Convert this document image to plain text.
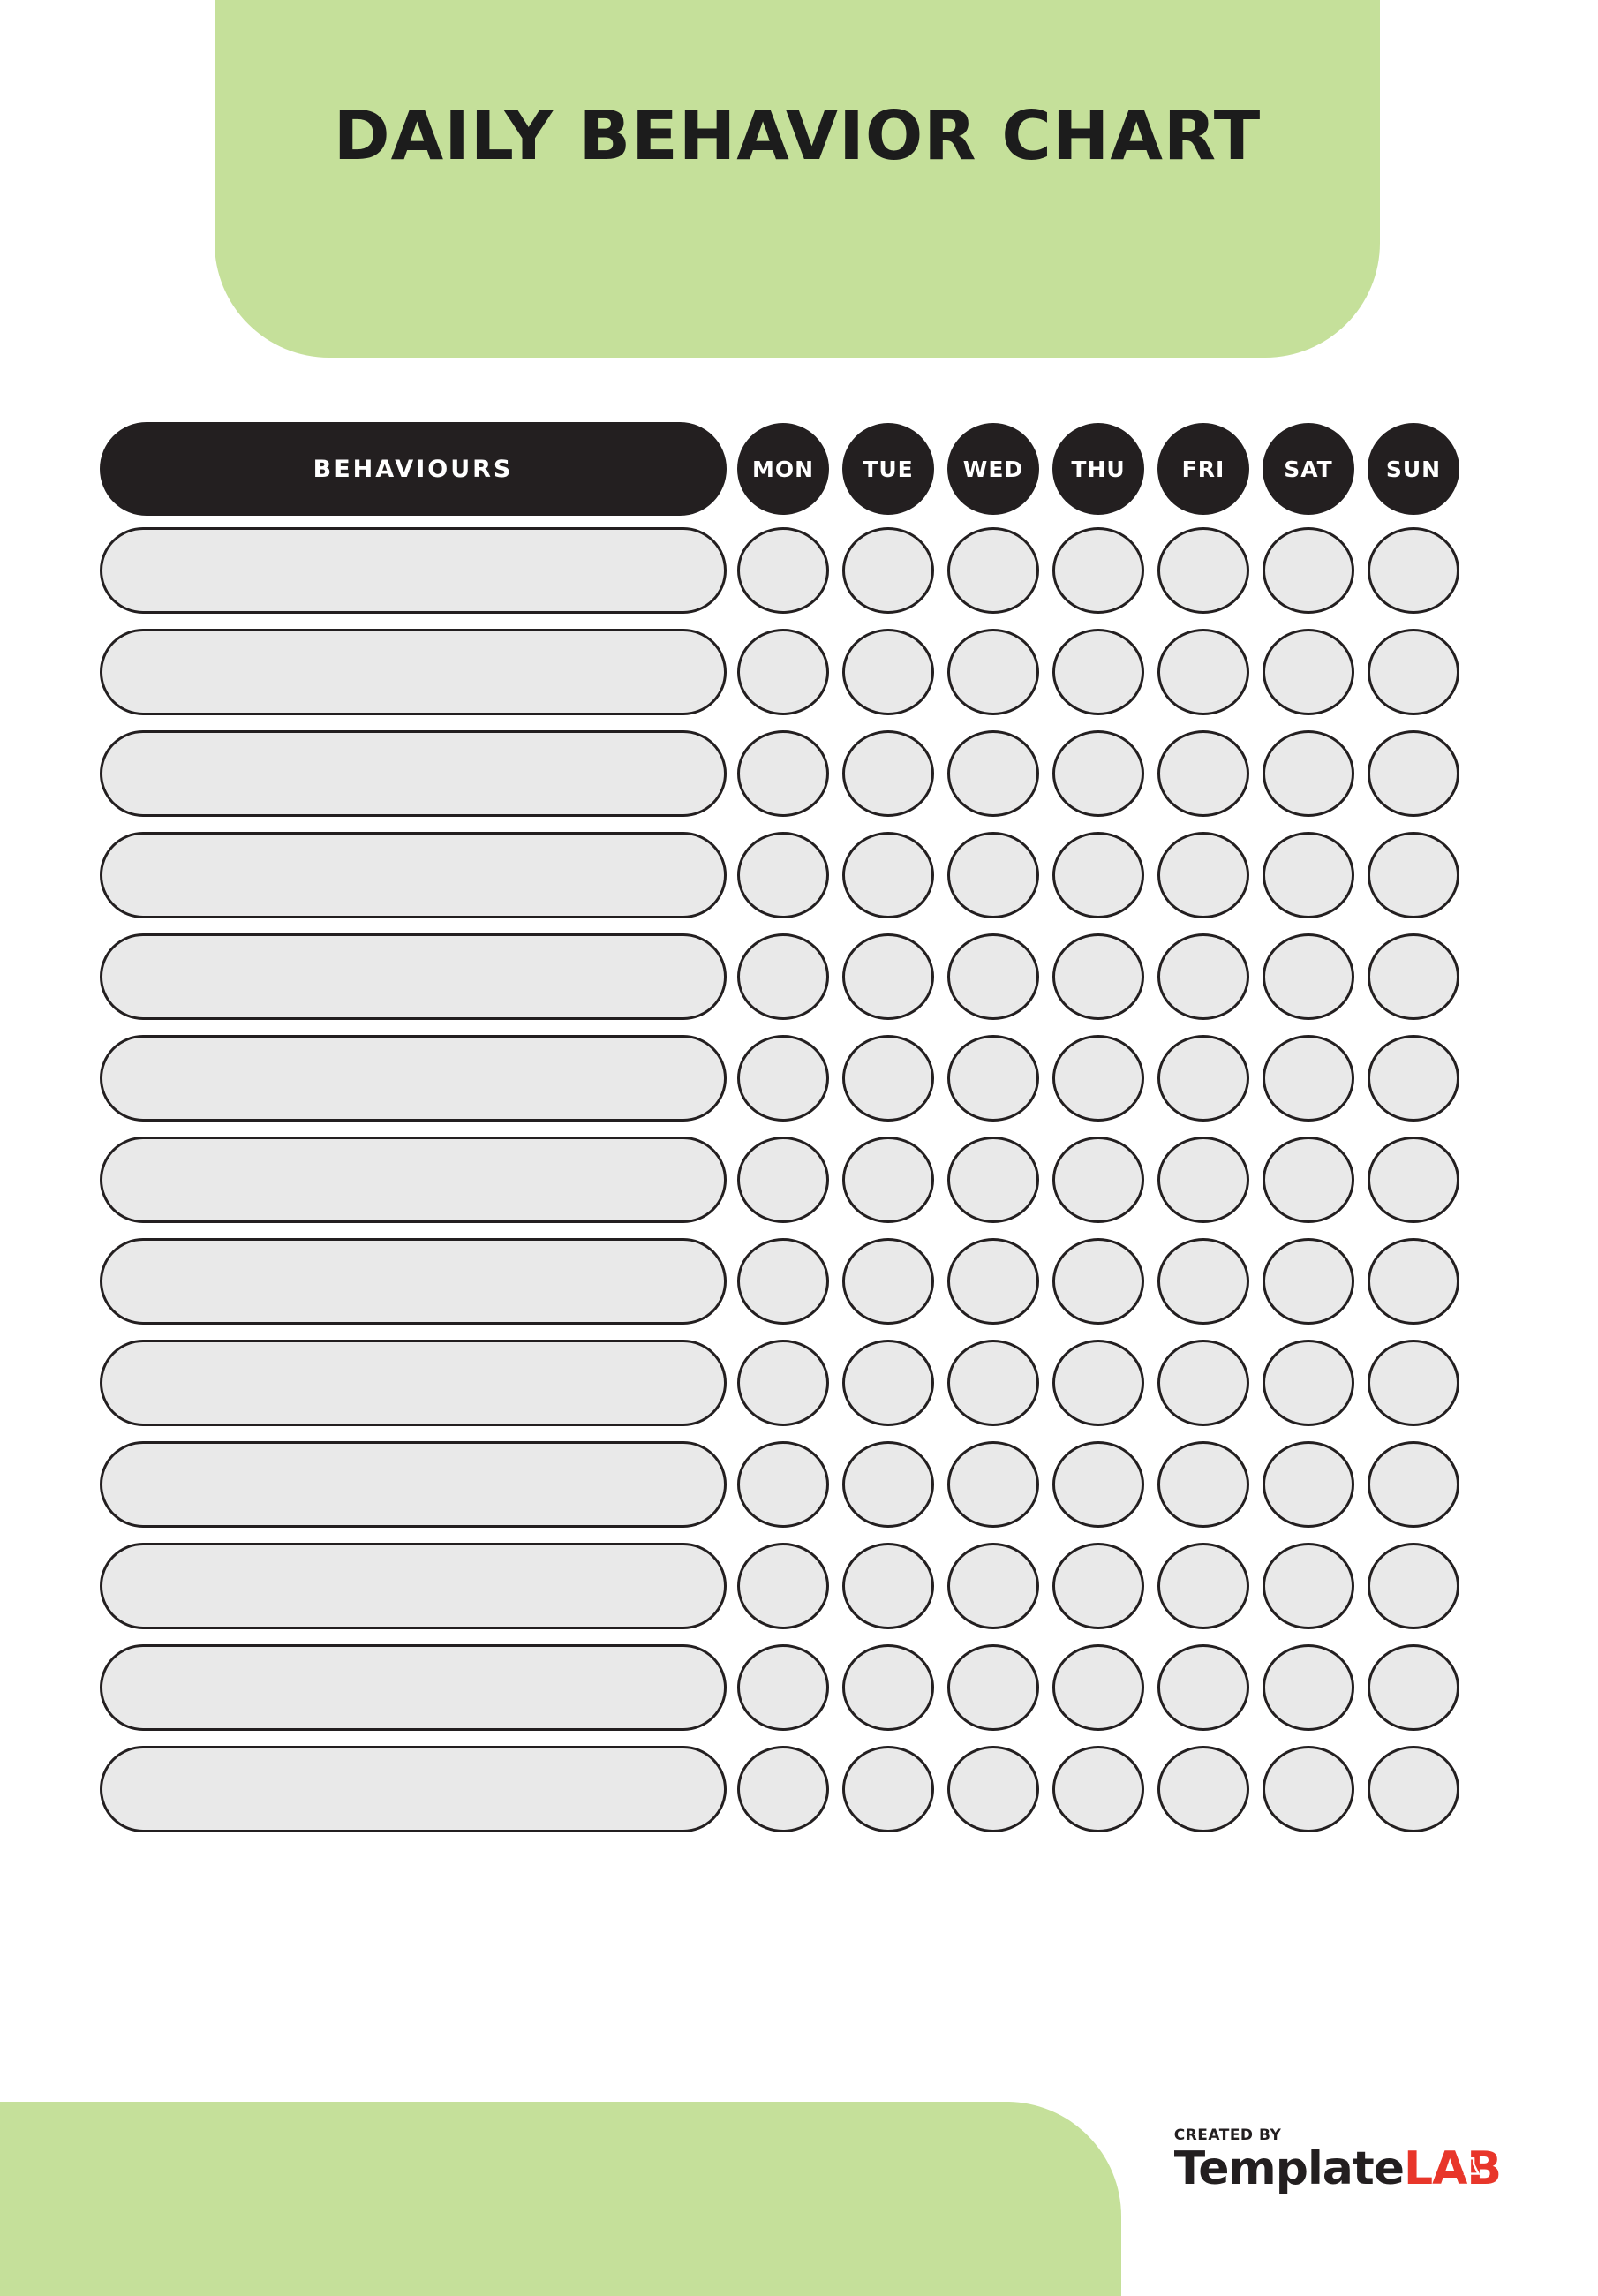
DAILY BEHAVIOR CHART
BEHAVIOURS	MON	TUE	WED	THU	FRI	SAT	SUN
CREATED BY
TemplateLAB
